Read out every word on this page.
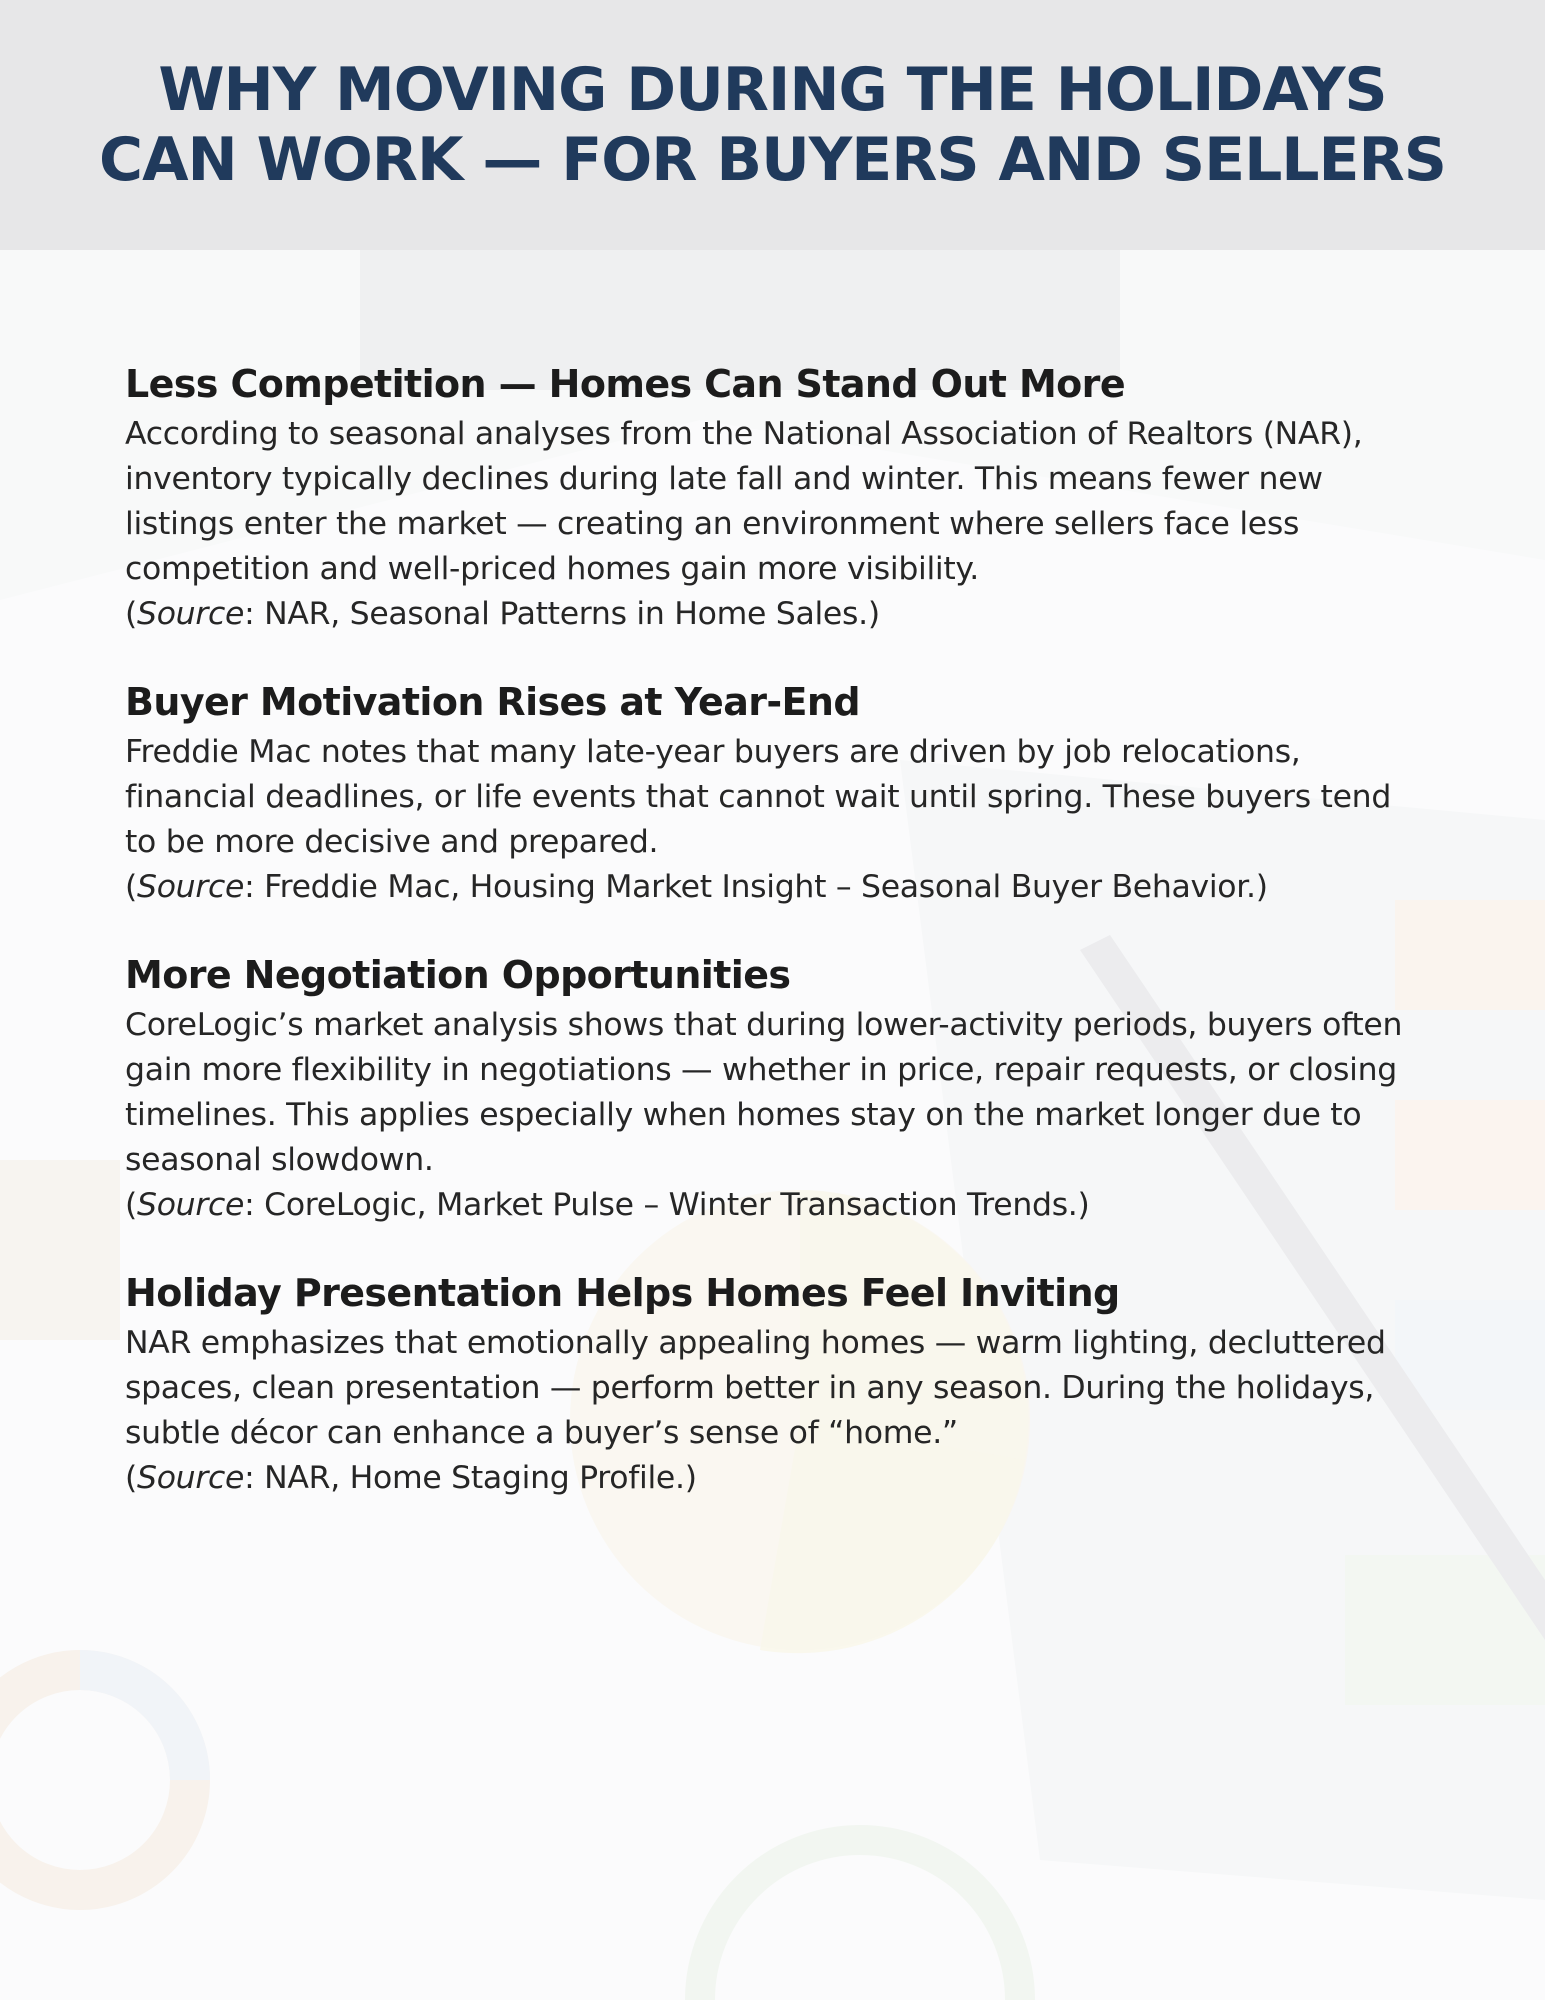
WHY MOVING DURING THE HOLIDAYS
CAN WORK — FOR BUYERS AND SELLERS
Less Competition — Homes Can Stand Out More

According to seasonal analyses from the National Association of Realtors (NAR), inventory typically declines during late fall and winter. This means fewer new listings enter the market — creating an environment where sellers face less competition and well-priced homes gain more visibility.

(Source: NAR, Seasonal Patterns in Home Sales.)
Buyer Motivation Rises at Year-End

Freddie Mac notes that many late-year buyers are driven by job relocations, financial deadlines, or life events that cannot wait until spring. These buyers tend to be more decisive and prepared.

(Source: Freddie Mac, Housing Market Insight – Seasonal Buyer Behavior.)
More Negotiation Opportunities

CoreLogic’s market analysis shows that during lower-activity periods, buyers often gain more flexibility in negotiations — whether in price, repair requests, or closing timelines. This applies especially when homes stay on the market longer due to seasonal slowdown.

(Source: CoreLogic, Market Pulse – Winter Transaction Trends.)
Holiday Presentation Helps Homes Feel Inviting

NAR emphasizes that emotionally appealing homes — warm lighting, decluttered spaces, clean presentation — perform better in any season. During the holidays, subtle décor can enhance a buyer’s sense of “home.”

(Source: NAR, Home Staging Profile.)
